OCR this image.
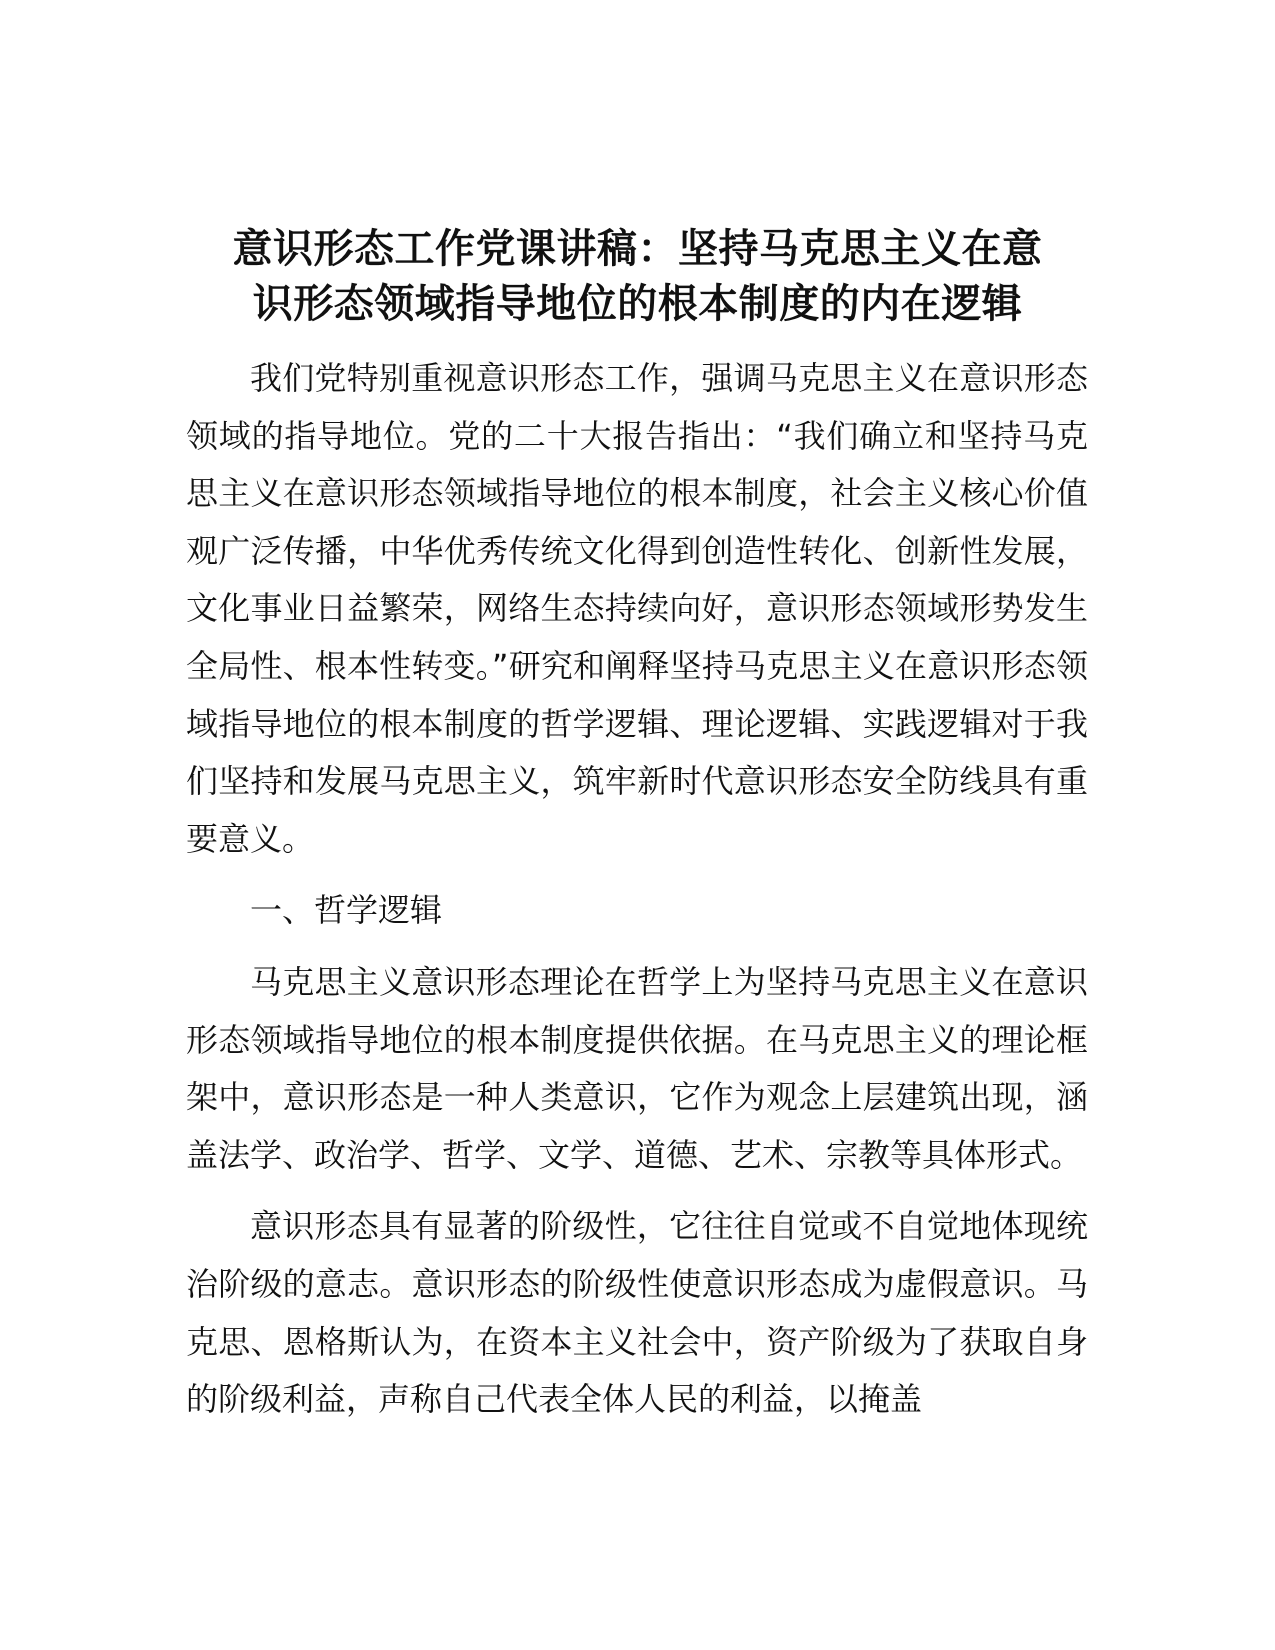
意识形态工作党课讲稿：坚持马克思主义在意
识形态领域指导地位的根本制度的内在逻辑

我们党特别重视意识形态工作，强调马克思主义在意识形态领域的指导地位。党的二十大报告指出：“我们确立和坚持马克思主义在意识形态领域指导地位的根本制度，社会主义核心价值观广泛传播，中华优秀传统文化得到创造性转化、创新性发展，文化事业日益繁荣，网络生态持续向好，意识形态领域形势发生全局性、根本性转变。”研究和阐释坚持马克思主义在意识形态领域指导地位的根本制度的哲学逻辑、理论逻辑、实践逻辑对于我们坚持和发展马克思主义，筑牢新时代意识形态安全防线具有重要意义。

一、哲学逻辑

马克思主义意识形态理论在哲学上为坚持马克思主义在意识形态领域指导地位的根本制度提供依据。在马克思主义的理论框架中，意识形态是一种人类意识，它作为观念上层建筑出现，涵盖法学、政治学、哲学、文学、道德、艺术、宗教等具体形式。

意识形态具有显著的阶级性，它往往自觉或不自觉地体现统治阶级的意志。意识形态的阶级性使意识形态成为虚假意识。马克思、恩格斯认为，在资本主义社会中，资产阶级为了获取自身的阶级利益，声称自己代表全体人民的利益，以掩盖
